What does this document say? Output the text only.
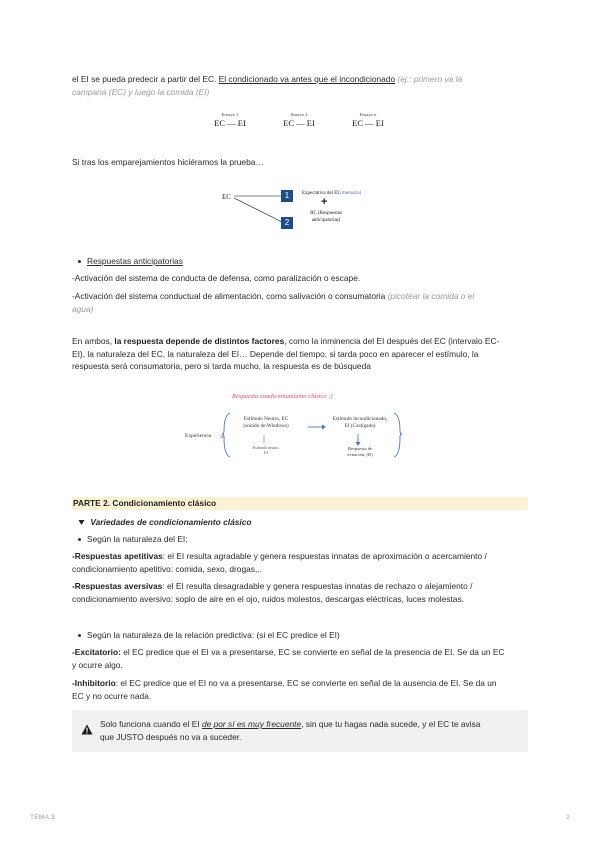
el EI se pueda predecir a partir del EC. El condicionado va antes que el incondicionado (ej.: primero va la
campana (EC) y luego la comida (EI)

Ensayo 1
EC — EI
Ensayo 2
EC — EI
Ensayo n
EC — EI

Si tras los emparejamientos hiciéramos la prueba…

EC	1
2
Expectativa del EI (memoria)
+
RC (Respuestas
anticipatorias)
Respuestas anticipatorias

-Activación del sistema de conducta de defensa, como paralización o escape.

-Activación del sistema conductual de alimentación, como salivación o consumatoria (picotear la comida o el
agua)

En ambos, la respuesta depende de distintos factores, como la inminencia del EI después del EC (intervalo EC-
EI), la naturaleza del EC, la naturaleza del EI… Depende del tiempo, si tarda poco en aparecer el estímulo, la
respuesta será consumatoria, pero si tarda mucho, la respuesta es de búsqueda

Respuesta condicionamiento clásico :)
Experiencia >
Estímulo Neutro, EC
(sonido de Windows)
Estímulo incondicionado,
EI (Castigado)
Estímulo neutro,
EI
Respuesta de
evitación, (R)
PARTE 2. Condicionamiento clásico
Variedades de condicionamiento clásico
Según la naturaleza del EI:

-Respuestas apetitivas: el EI resulta agradable y genera respuestas innatas de aproximación o acercamiento /
condicionamiento apetitivo: comida, sexo, drogas,..

-Respuestas aversivas: el EI resulta desagradable y genera respuestas innatas de rechazo o alejamiento /
condicionamiento aversivo: soplo de aire en el ojo, ruidos molestos, descargas eléctricas, luces molestas.

Según la naturaleza de la relación predictiva: (si el EC predice el EI)

-Excitatorio: el EC predice que el EI va a presentarse, EC se convierte en señal de la presencia de EI. Se da un EC
y ocurre algo.

-Inhibitorio: el EC predice que el EI no va a presentarse, EC se convierte en señal de la ausencia de EI. Se da un
EC y no ocurre nada.

Solo funciona cuando el EI de por sí es muy frecuente, sin que tu hagas nada sucede, y el EC te avisa
que JUSTO después no va a suceder.
TEMA 3	2
